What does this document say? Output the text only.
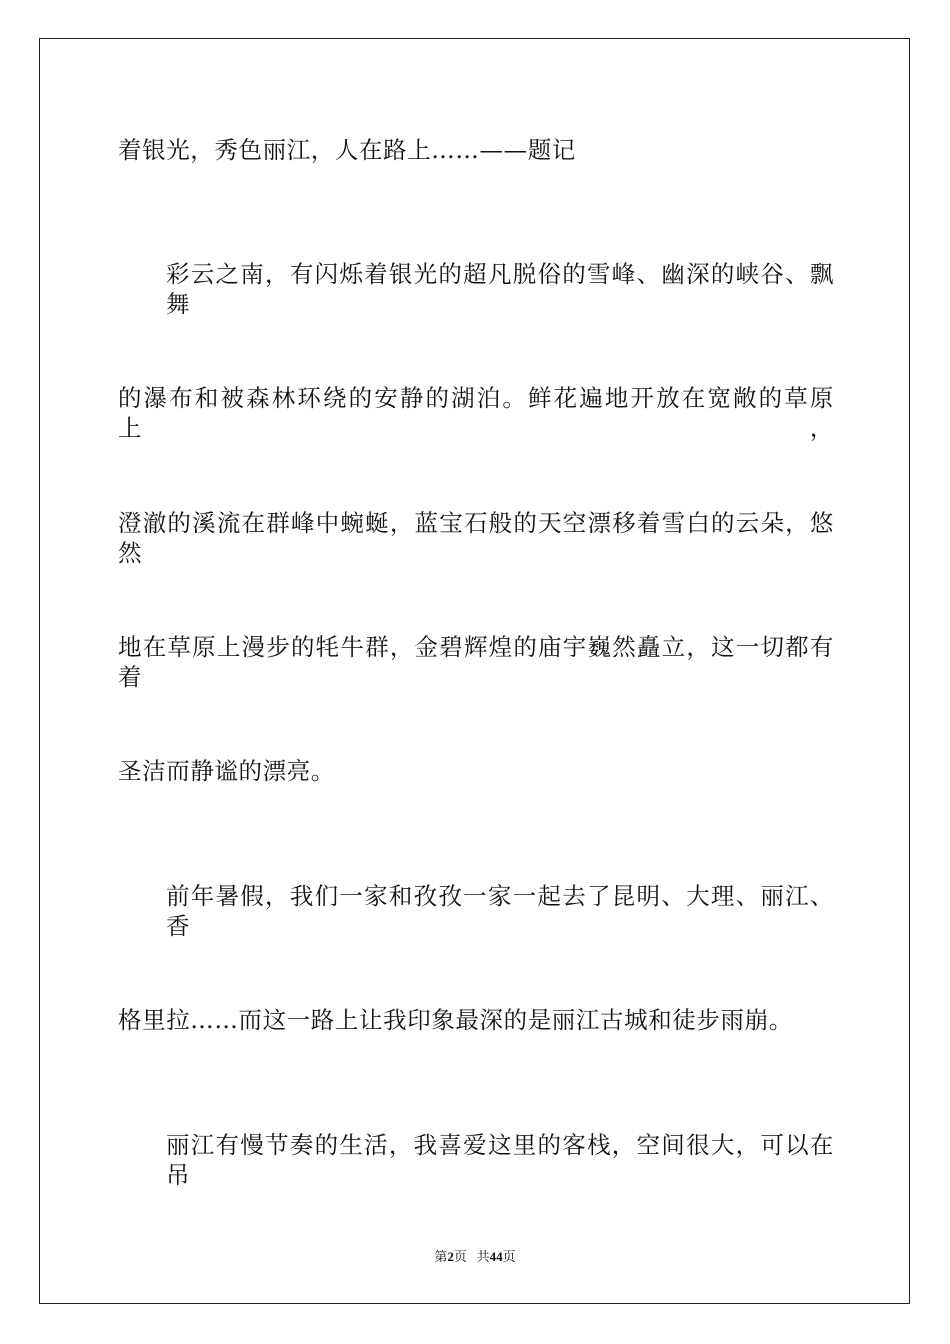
着银光，秀色丽江，人在路上……——题记
彩云之南，有闪烁着银光的超凡脱俗的雪峰、幽深的峡谷、飘舞
的瀑布和被森林环绕的安静的湖泊。鲜花遍地开放在宽敞的草原上，
澄澈的溪流在群峰中蜿蜒，蓝宝石般的天空漂移着雪白的云朵，悠然
地在草原上漫步的牦牛群，金碧辉煌的庙宇巍然矗立，这一切都有着
圣洁而静谧的漂亮。
前年暑假，我们一家和孜孜一家一起去了昆明、大理、丽江、香
格里拉……而这一路上让我印象最深的是丽江古城和徒步雨崩。
丽江有慢节奏的生活，我喜爱这里的客栈，空间很大，可以在吊
第2页 共44页
